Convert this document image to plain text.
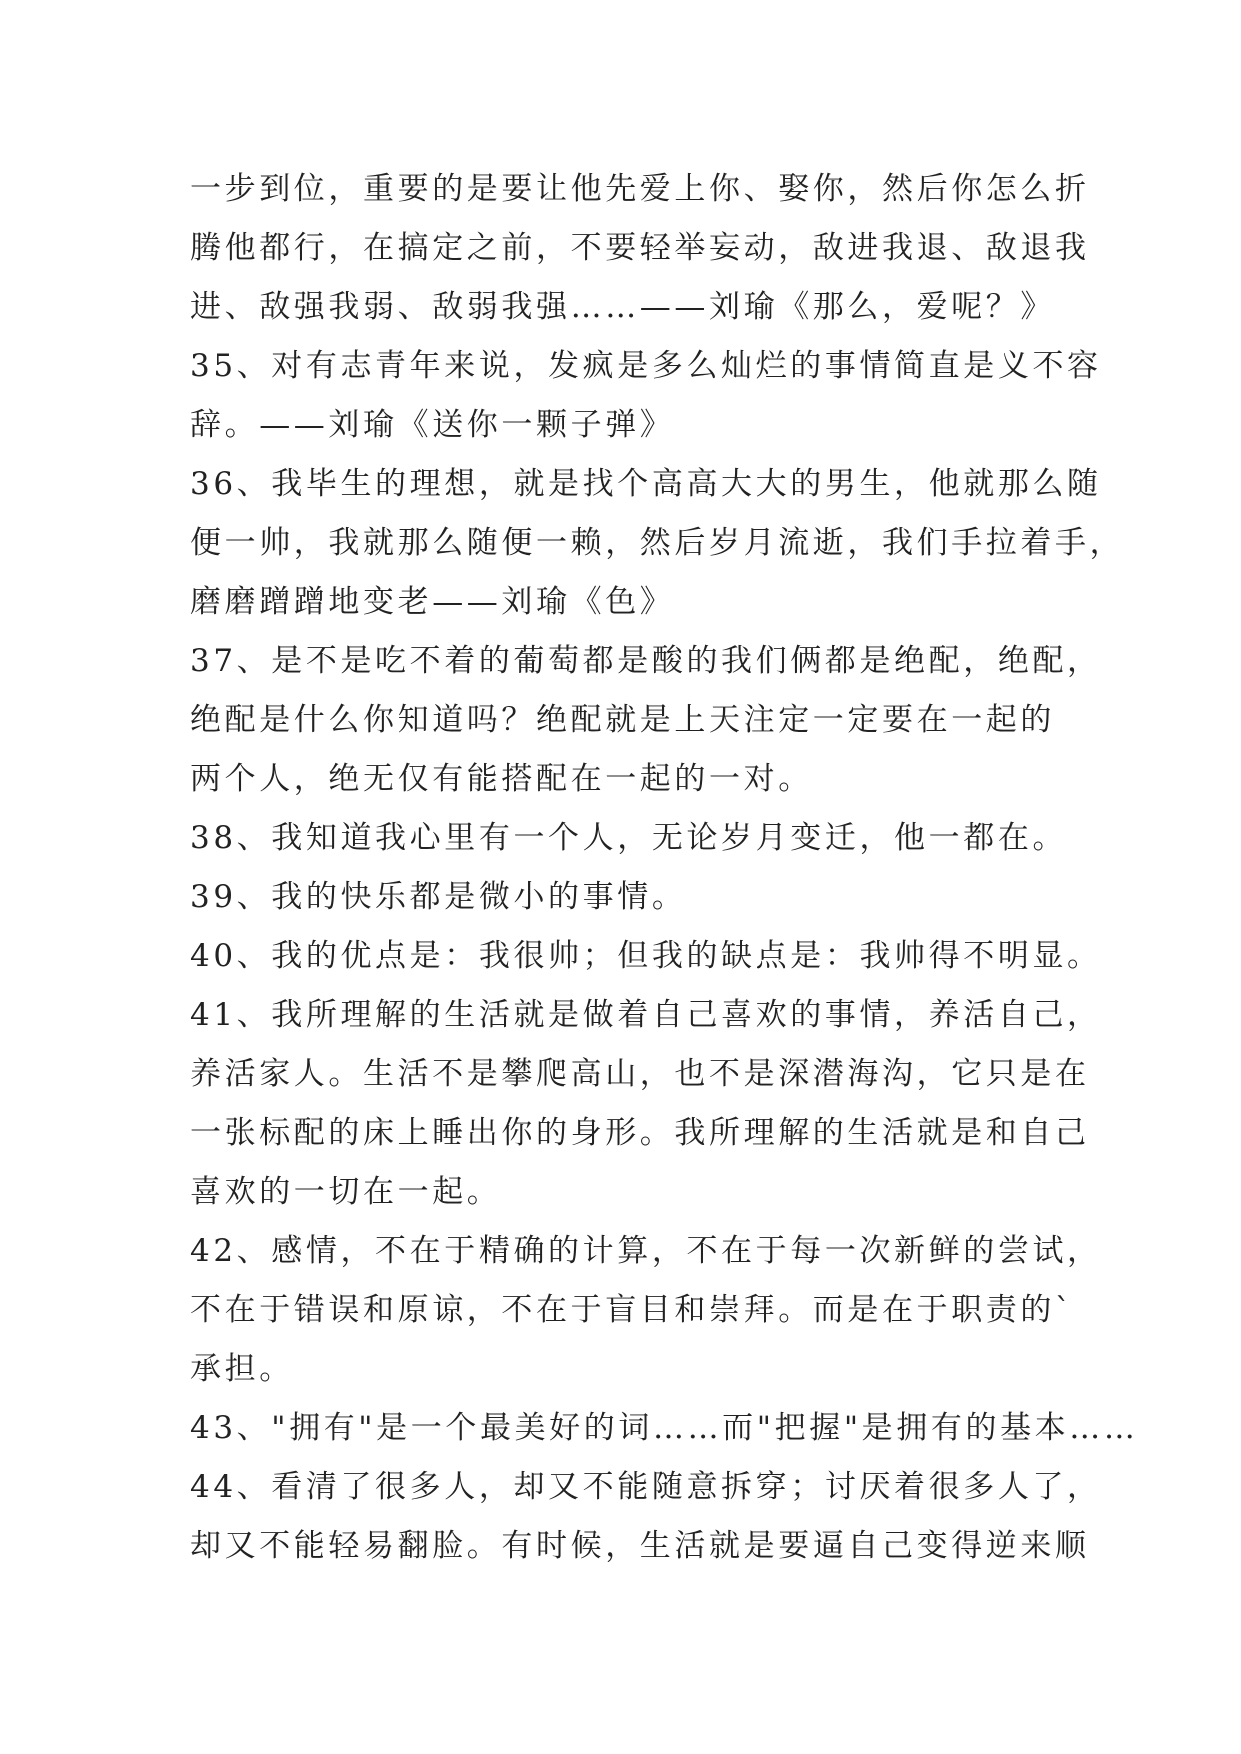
一步到位，重要的是要让他先爱上你、娶你，然后你怎么折
腾他都行，在搞定之前，不要轻举妄动，敌进我退、敌退我
进、敌强我弱、敌弱我强……——刘瑜《那么，爱呢？》
35、对有志青年来说，发疯是多么灿烂的事情简直是义不容
辞。——刘瑜《送你一颗子弹》
36、我毕生的理想，就是找个高高大大的男生，他就那么随
便一帅，我就那么随便一赖，然后岁月流逝，我们手拉着手，
磨磨蹭蹭地变老——刘瑜《色》
37、是不是吃不着的葡萄都是酸的我们俩都是绝配，绝配，
绝配是什么你知道吗？绝配就是上天注定一定要在一起的
两个人，绝无仅有能搭配在一起的一对。
38、我知道我心里有一个人，无论岁月变迁，他一都在。
39、我的快乐都是微小的事情。
40、我的优点是：我很帅；但我的缺点是：我帅得不明显。
41、我所理解的生活就是做着自己喜欢的事情，养活自己，
养活家人。生活不是攀爬高山，也不是深潜海沟，它只是在
一张标配的床上睡出你的身形。我所理解的生活就是和自己
喜欢的一切在一起。
42、感情，不在于精确的计算，不在于每一次新鲜的尝试，
不在于错误和原谅，不在于盲目和崇拜。而是在于职责的`
承担。
43、"拥有"是一个最美好的词……而"把握"是拥有的基本……
44、看清了很多人，却又不能随意拆穿；讨厌着很多人了，
却又不能轻易翻脸。有时候，生活就是要逼自己变得逆来顺
